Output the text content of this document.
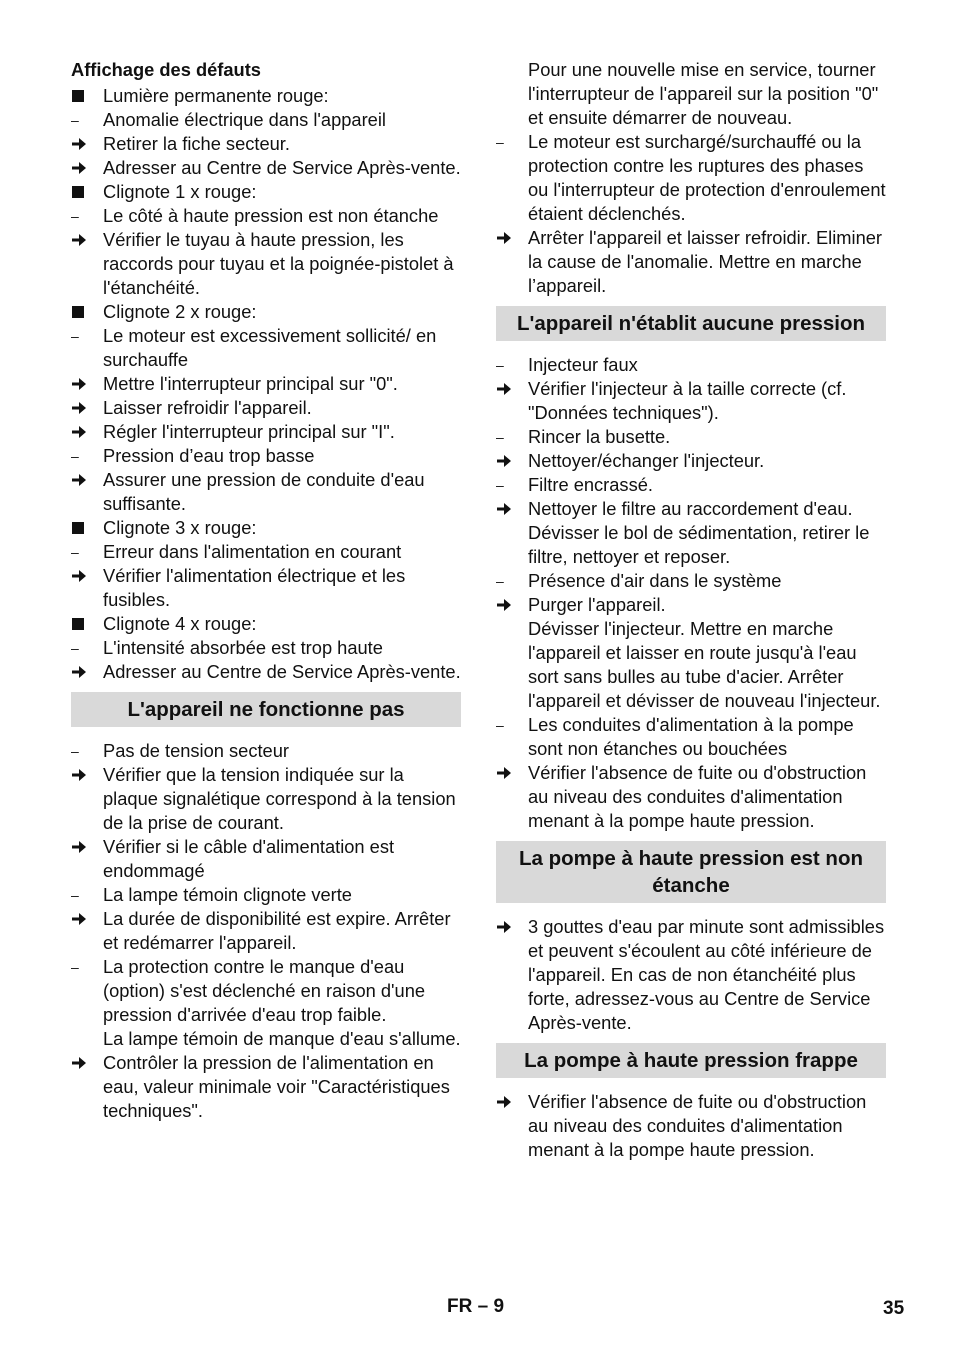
Affichage des défauts
Lumière permanente rouge:
–	Anomalie électrique dans l'appareil
Retirer la fiche secteur.
Adresser au Centre de Service Après-vente.
Clignote 1 x rouge:
–	Le côté à haute pression est non étanche
Vérifier le tuyau à haute pression, les raccords pour tuyau et la poignée-pistolet à l'étanchéité.
Clignote 2 x rouge:
–	Le moteur est excessivement sollicité/ en surchauffe
Mettre l'interrupteur principal sur "0".
Laisser refroidir l'appareil.
Régler l'interrupteur principal sur "I".
–	Pression d’eau trop basse
Assurer une pression de conduite d'eau suffisante.
Clignote 3 x rouge:
–	Erreur dans l'alimentation en courant
Vérifier l'alimentation électrique et les fusibles.
Clignote 4 x rouge:
–	L'intensité absorbée est trop haute
Adresser au Centre de Service Après-vente.
L'appareil ne fonctionne pas
–	Pas de tension secteur
Vérifier que la tension indiquée sur la plaque signalétique correspond à la tension de la prise de courant.
Vérifier si le câble d'alimentation est endommagé
–	La lampe témoin clignote verte
La durée de disponibilité est expire. Arrêter et redémarrer l'appareil.
–	La protection contre le manque d'eau (option) s'est déclenché en raison d'une pression d'arrivée d'eau trop faible.
La lampe témoin de manque d'eau s'allume.
Contrôler la pression de l'alimentation en eau, valeur minimale voir "Caractéristiques techniques".
Pour une nouvelle mise en service, tourner l'interrupteur de l'appareil sur la position "0" et ensuite démarrer de nouveau.
–	Le moteur est surchargé/surchauffé ou la protection contre les ruptures des phases ou l'interrupteur de protection d'enroulement étaient déclenchés.
Arrêter l'appareil et laisser refroidir. Eliminer la cause de l'anomalie. Mettre en marche l’appareil.
L'appareil n'établit aucune pression
–	Injecteur faux
Vérifier l'injecteur à la taille correcte (cf. "Données techniques").
–	Rincer la busette.
Nettoyer/échanger l'injecteur.
–	Filtre encrassé.
Nettoyer le filtre au raccordement d'eau.
Dévisser le bol de sédimentation, retirer le filtre, nettoyer et reposer.
–	Présence d'air dans le système
Purger l'appareil.
Dévisser l'injecteur. Mettre en marche l'appareil et laisser en route jusqu'à l'eau sort sans bulles au tube d'acier. Arrêter l'appareil et dévisser de nouveau l'injecteur.
–	Les conduites d'alimentation à la pompe sont non étanches ou bouchées
Vérifier l'absence de fuite ou d'obstruction au niveau des conduites d'alimentation menant à la pompe haute pression.
La pompe à haute pression est non étanche
3 gouttes d'eau par minute sont admissibles et peuvent s'écoulent au côté inférieure de l'appareil. En cas de non étanchéité plus forte, adressez-vous au Centre de Service Après-vente.
La pompe à haute pression frappe
Vérifier l'absence de fuite ou d'obstruction au niveau des conduites d'alimentation menant à la pompe haute pression.
FR – 9	35
